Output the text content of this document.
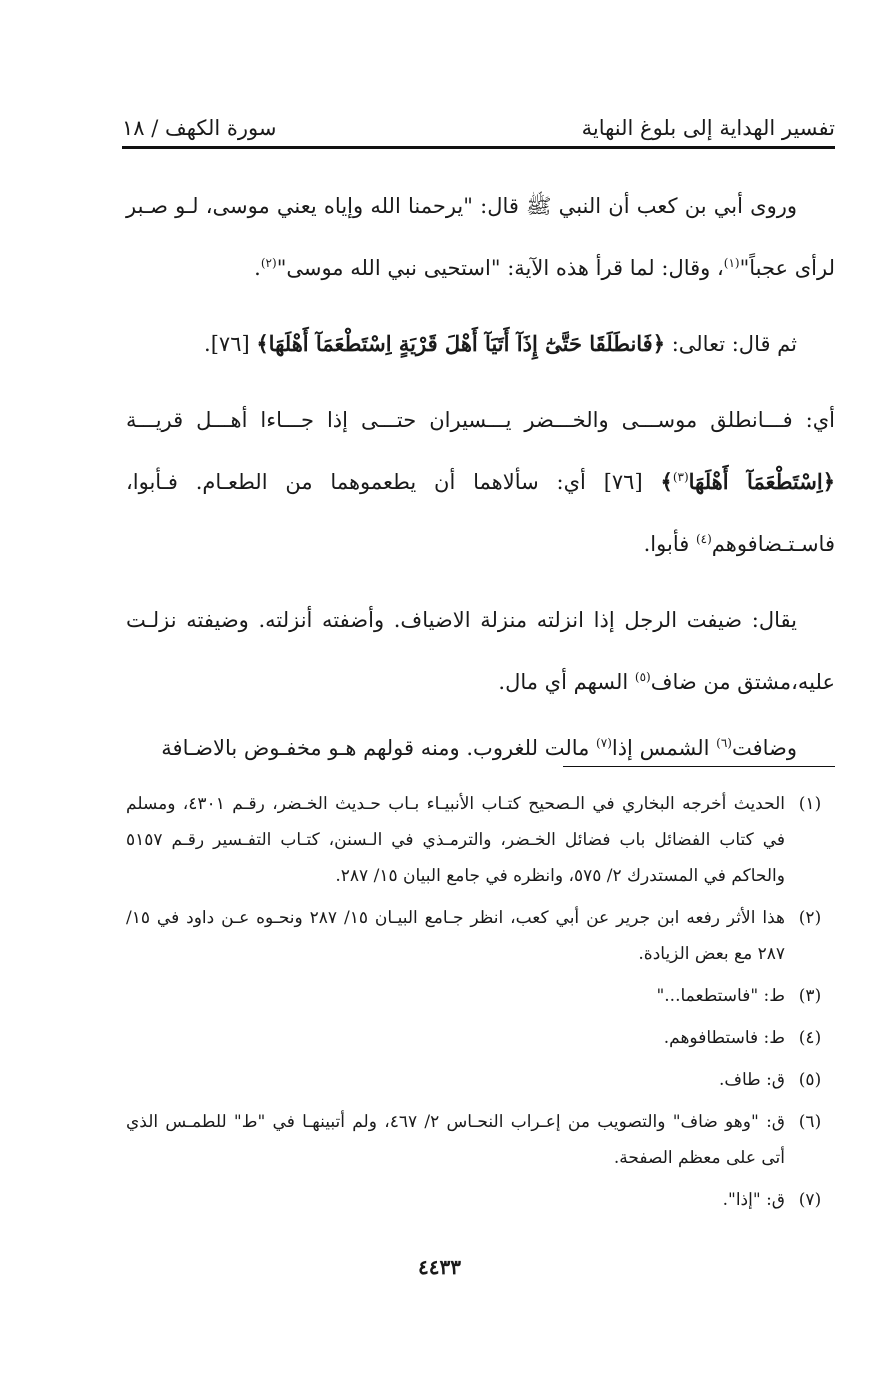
تفسير الهداية إلى بلوغ النهاية
سورة الكهف / ١٨

وروى أبي بن كعب أن النبي ﷺ قال: "يرحمنا الله وإياه يعني موسى، لـو صـبر لرأى عجباً"$^{(١)}$، وقال: لما قرأ هذه الآية: "استحيى نبي الله موسى"$^{(٢)}$.

ثم قال: تعالى: ﴿فَانطَلَقَا حَتَّىٰٓ إِذَآ أَتَيَآ أَهْلَ قَرْيَةٍ اِسْتَطْعَمَآ أَهْلَهَا﴾ [٧٦].

أي: فـــانطلق موســـى والخـــضر يـــسيران حتـــى إذا جـــاءا أهـــل قريـــة ﴿اِسْتَطْعَمَآ أَهْلَهَا$^{(٣)}$﴾ [٧٦] أي: سألاهما أن يطعموهما من الطعـام. فـأبوا، فاسـتـضافوهم$^{(٤)}$ فأبوا.

يقال: ضيفت الرجل إذا انزلته منزلة الاضياف. وأضفته أنزلته. وضيفته نزلـت عليه،مشتق من ضاف$^{(٥)}$ السهم أي مال.

وضافت$^{(٦)}$ الشمس إذا$^{(٧)}$ مالت للغروب. ومنه قولهم هـو مخفـوض بالاضـافة

(١)
الحديث أخرجه البخاري في الـصحيح كتـاب الأنبيـاء بـاب حـديث الخـضر، رقـم ٤٣٠١، ومسلم في كتاب الفضائل باب فضائل الخـضر، والترمـذي في الـسنن، كتـاب التفـسير رقـم ٥١٥٧ والحاكم في المستدرك ٢/ ٥٧٥، وانظره في جامع البيان ١٥/ ٢٨٧.
(٢)
هذا الأثر رفعه ابن جرير عن أبي كعب، انظر جـامع البيـان ١٥/ ٢٨٧ ونحـوه عـن داود في ١٥/ ٢٨٧ مع بعض الزيادة.
(٣)
ط: "فاستطعما..."
(٤)
ط: فاستطافوهم.
(٥)
ق: طاف.
(٦)
ق: "وهو ضاف" والتصويب من إعـراب النحـاس ٢/ ٤٦٧، ولم أتبينهـا في "ط" للطمـس الذي أتى على معظم الصفحة.
(٧)
ق: "إذا".
٤٤٣٣
